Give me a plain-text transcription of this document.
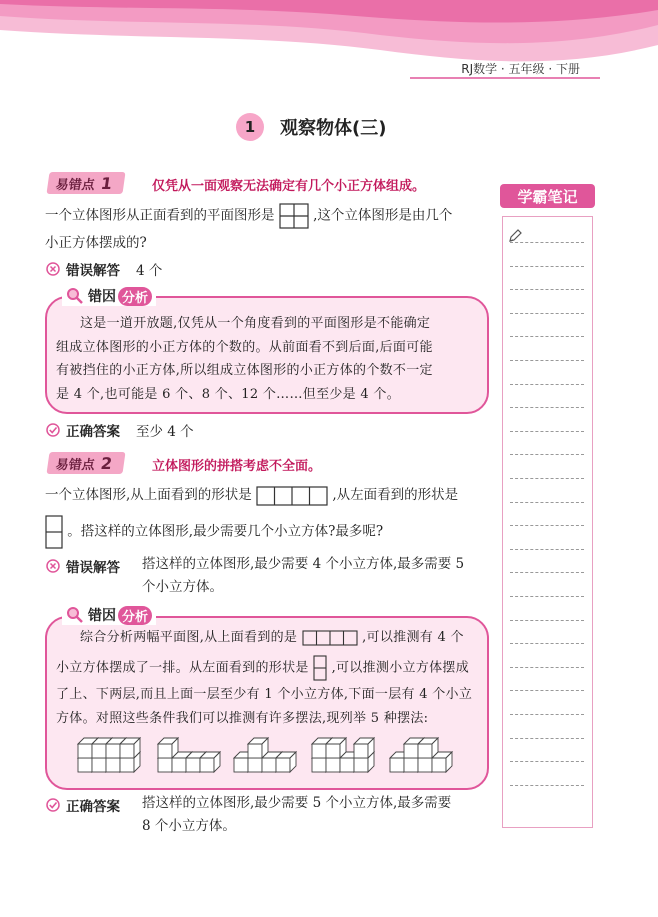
RJ数学 · 五年级 · 下册
1	观察物体(三)
学霸笔记
易错点 1	仅凭从一面观察无法确定有几个小正方体组成。
一个立体图形从正面看到的平面图形是	,这个立体图形是由几个
小正方体摆成的?
错误解答 4 个
错因 分析
这是一道开放题,仅凭从一个角度看到的平面图形是不能确定
组成立体图形的小正方体的个数的。从前面看不到后面,后面可能
有被挡住的小正方体,所以组成立体图形的小正方体的个数不一定
是 4 个,也可能是 6 个、8 个、12 个……但至少是 4 个。
正确答案 至少 4 个
易错点 2	立体图形的拼搭考虑不全面。
一个立体图形,从上面看到的形状是	,从左面看到的形状是
。搭这样的立体图形,最少需要几个小立方体?最多呢?
错误解答 搭这样的立体图形,最少需要 4 个小立方体,最多需要 5
个小立方体。
错因 分析
综合分析两幅平面图,从上面看到的是	,可以推测有 4 个
小立方体摆成了一排。从左面看到的形状是 ,可以推测小立方体摆成
了上、下两层,而且上面一层至少有 1 个小立方体,下面一层有 4 个小立
方体。对照这些条件我们可以推测有许多摆法,现列举 5 种摆法:
正确答案 搭这样的立体图形,最少需要 5 个小立方体,最多需要
8 个小立方体。
